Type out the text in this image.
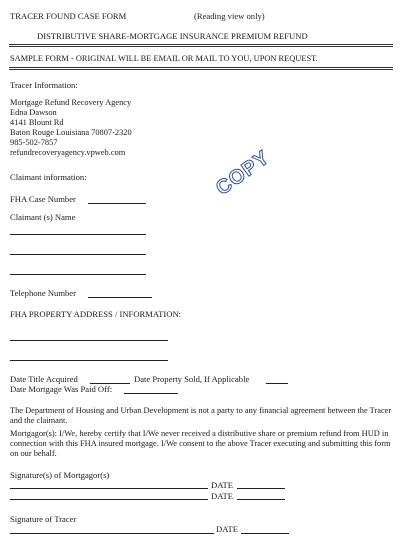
TRACER FOUND CASE FORM	(Reading view only)
DISTRIBUTIVE SHARE-MORTGAGE INSURANCE PREMIUM REFUND
SAMPLE FORM - ORIGINAL WILL BE EMAIL OR MAIL TO YOU, UPON REQUEST.
Tracer Information:
Mortgage Refund Recovery Agency
Edna Dawson
4141 Blount Rd
Baton Rouge Louisiana 70807-2320
985-502-7857
refundrecoveryagency.vpweb.com
Claimant information:
FHA Case Number
Claimant (s) Name
Telephone Number
COPY
FHA PROPERTY ADDRESS / INFORMATION:
Date Title Acquired	Date Property Sold, If Applicable
Date Mortgage Was Paid Off:
The Department of Housing and Urban Development is not a party to any financial agreement between the Tracer and the claimant.
Mortgagor(s): I/We, hereby certify that I/We never received a distributive share or premium refund from HUD in connection with this FHA insured mortgage. I/We consent to the above Tracer executing and submitting this form on our behalf.
Signature(s) of Mortgagor(s)
DATE
DATE
Signature of Tracer
DATE
